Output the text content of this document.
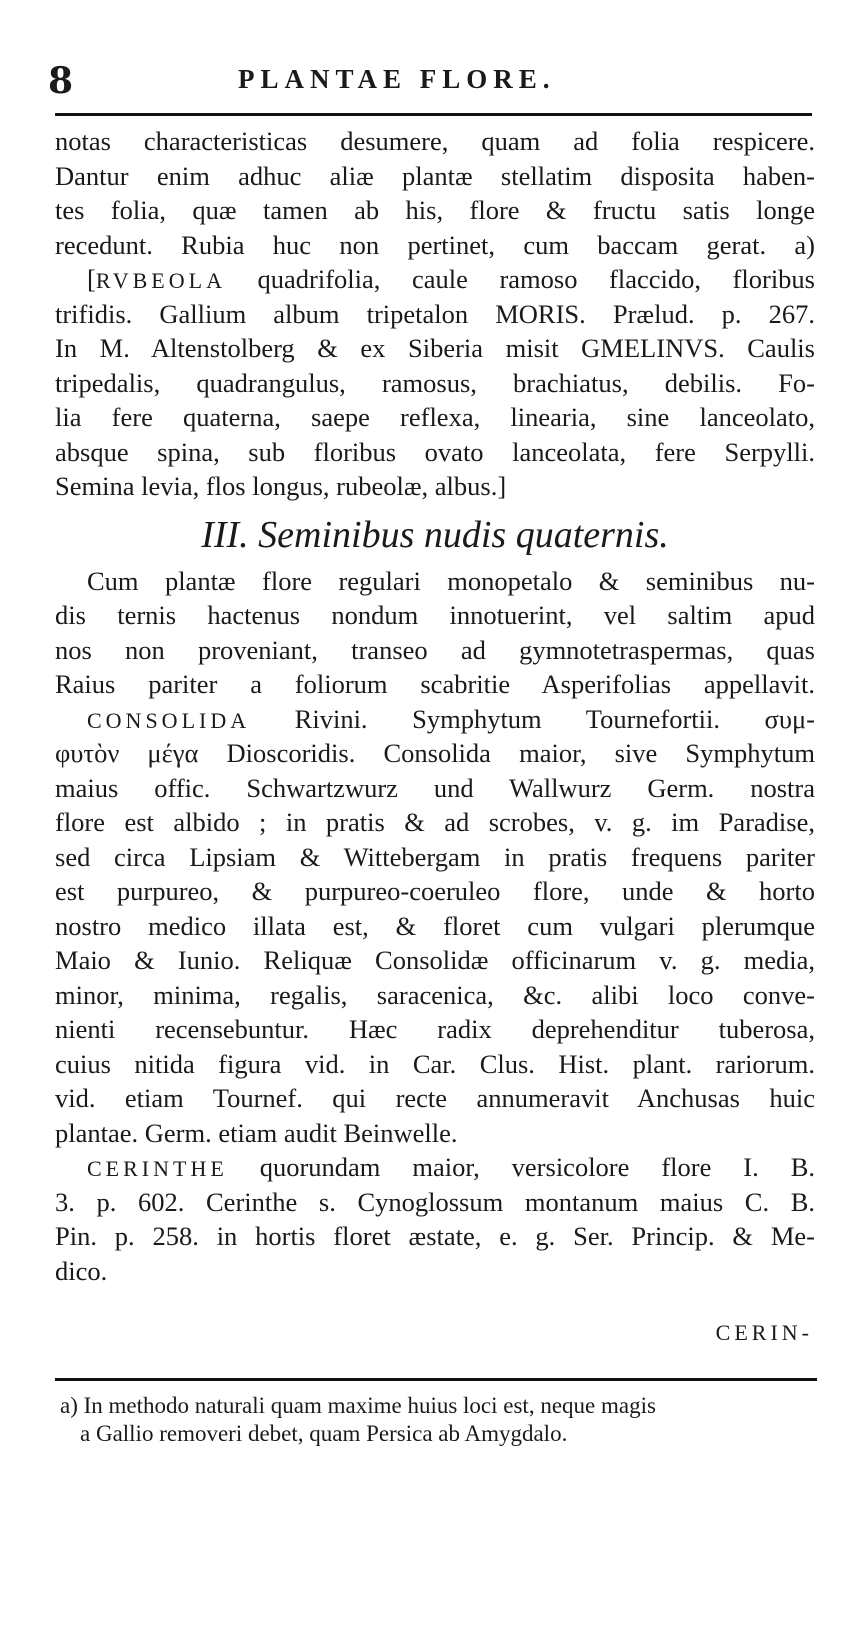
8	PLANTAE FLORE.
notas characteristicas desumere, quam ad folia respicere.
Dantur enim adhuc aliæ plantæ stellatim disposita haben-
tes folia, quæ tamen ab his, flore & fructu satis longe
recedunt. Rubia huc non pertinet, cum baccam gerat. a)
[RVBEOLA quadrifolia, caule ramoso flaccido, floribus
trifidis. Gallium album tripetalon MORIS. Prælud. p. 267.
In M. Altenstolberg & ex Siberia misit GMELINVS. Caulis
tripedalis, quadrangulus, ramosus, brachiatus, debilis. Fo-
lia fere quaterna, saepe reflexa, linearia, sine lanceolato,
absque spina, sub floribus ovato lanceolata, fere Serpylli.
Semina levia, flos longus, rubeolæ, albus.]
III. Seminibus nudis quaternis.
Cum plantæ flore regulari monopetalo & seminibus nu-
dis ternis hactenus nondum innotuerint, vel saltim apud
nos non proveniant, transeo ad gymnotetraspermas, quas
Raius pariter a foliorum scabritie Asperifolias appellavit.
CONSOLIDA Rivini. Symphytum Tournefortii. συμ-
φυτὸν μέγα Dioscoridis. Consolida maior, sive Symphytum
maius offic. Schwartzwurz und Wallwurz Germ. nostra
flore est albido ; in pratis & ad scrobes, v. g. im Paradise,
sed circa Lipsiam & Wittebergam in pratis frequens pariter
est purpureo, & purpureo-coeruleo flore, unde & horto
nostro medico illata est, & floret cum vulgari plerumque
Maio & Iunio. Reliquæ Consolidæ officinarum v. g. media,
minor, minima, regalis, saracenica, &c. alibi loco conve-
nienti recensebuntur. Hæc radix deprehenditur tuberosa,
cuius nitida figura vid. in Car. Clus. Hist. plant. rariorum.
vid. etiam Tournef. qui recte annumeravit Anchusas huic
plantae. Germ. etiam audit Beinwelle.
CERINTHE quorundam maior, versicolore flore I. B.
3. p. 602. Cerinthe s. Cynoglossum montanum maius C. B.
Pin. p. 258. in hortis floret æstate, e. g. Ser. Princip. & Me-
dico.
CERIN-
a) In methodo naturali quam maxime huius loci est, neque magis
a Gallio removeri debet, quam Persica ab Amygdalo.
